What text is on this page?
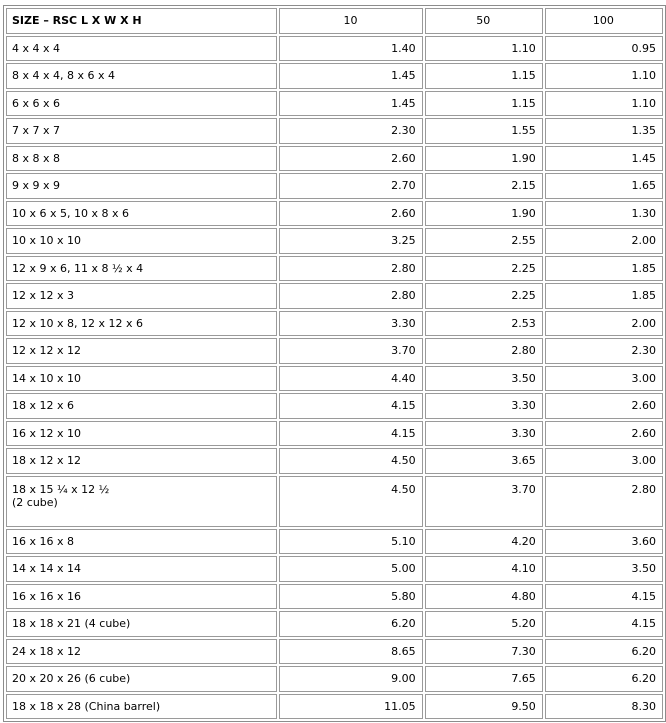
SIZE – RSC L X W X H	10	50	100
4 x 4 x 4	1.40	1.10	0.95
8 x 4 x 4, 8 x 6 x 4	1.45	1.15	1.10
6 x 6 x 6	1.45	1.15	1.10
7 x 7 x 7	2.30	1.55	1.35
8 x 8 x 8	2.60	1.90	1.45
9 x 9 x 9	2.70	2.15	1.65
10 x 6 x 5, 10 x 8 x 6	2.60	1.90	1.30
10 x 10 x 10	3.25	2.55	2.00
12 x 9 x 6, 11 x 8 ½ x 4	2.80	2.25	1.85
12 x 12 x 3	2.80	2.25	1.85
12 x 10 x 8, 12 x 12 x 6	3.30	2.53	2.00
12 x 12 x 12	3.70	2.80	2.30
14 x 10 x 10	4.40	3.50	3.00
18 x 12 x 6	4.15	3.30	2.60
16 x 12 x 10	4.15	3.30	2.60
18 x 12 x 12	4.50	3.65	3.00
18 x 15 ¼ x 12 ½
(2 cube)	4.50	3.70	2.80
16 x 16 x 8	5.10	4.20	3.60
14 x 14 x 14	5.00	4.10	3.50
16 x 16 x 16	5.80	4.80	4.15
18 x 18 x 21 (4 cube)	6.20	5.20	4.15
24 x 18 x 12	8.65	7.30	6.20
20 x 20 x 26 (6 cube)	9.00	7.65	6.20
18 x 18 x 28 (China barrel)	11.05	9.50	8.30
